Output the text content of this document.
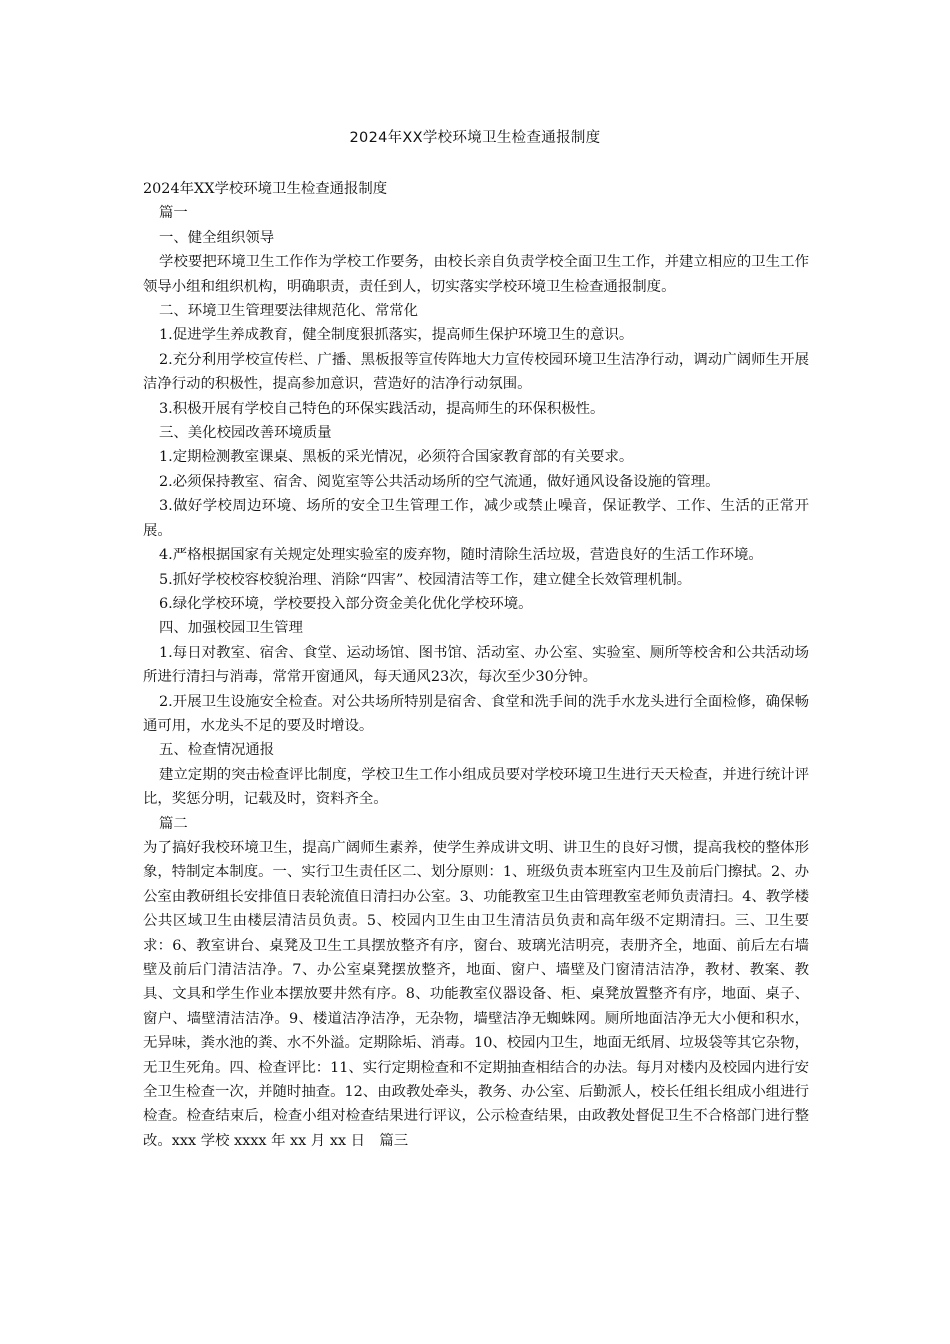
2024年XX学校环境卫生检查通报制度

2024年XX学校环境卫生检查通报制度

篇一

一、健全组织领导

学校要把环境卫生工作作为学校工作要务，由校长亲自负责学校全面卫生工作，并建立相应的卫生工作领导小组和组织机构，明确职责，责任到人，切实落实学校环境卫生检查通报制度。

二、环境卫生管理要法律规范化、常常化

1.促进学生养成教育，健全制度狠抓落实，提高师生保护环境卫生的意识。

2.充分利用学校宣传栏、广播、黑板报等宣传阵地大力宣传校园环境卫生洁净行动，调动广阔师生开展洁净行动的积极性，提高参加意识，营造好的洁净行动氛围。

3.积极开展有学校自己特色的环保实践活动，提高师生的环保积极性。

三、美化校园改善环境质量

1.定期检测教室课桌、黑板的采光情况，必须符合国家教育部的有关要求。

2.必须保持教室、宿舍、阅览室等公共活动场所的空气流通，做好通风设备设施的管理。

3.做好学校周边环境、场所的安全卫生管理工作，减少或禁止噪音，保证教学、工作、生活的正常开展。

4.严格根据国家有关规定处理实验室的废弃物，随时清除生活垃圾，营造良好的生活工作环境。

5.抓好学校校容校貌治理、消除“四害”、校园清洁等工作，建立健全长效管理机制。

6.绿化学校环境，学校要投入部分资金美化优化学校环境。

四、加强校园卫生管理

1.每日对教室、宿舍、食堂、运动场馆、图书馆、活动室、办公室、实验室、厕所等校舍和公共活动场所进行清扫与消毒，常常开窗通风，每天通风23次，每次至少30分钟。

2.开展卫生设施安全检查。对公共场所特别是宿舍、食堂和洗手间的洗手水龙头进行全面检修，确保畅通可用，水龙头不足的要及时增设。

五、检查情况通报

建立定期的突击检查评比制度，学校卫生工作小组成员要对学校环境卫生进行天天检查，并进行统计评比，奖惩分明，记载及时，资料齐全。

篇二

为了搞好我校环境卫生，提高广阔师生素养，使学生养成讲文明、讲卫生的良好习惯，提高我校的整体形象，特制定本制度。一、实行卫生责任区二、划分原则：1、班级负责本班室内卫生及前后门擦拭。2、办公室由教研组长安排值日表轮流值日清扫办公室。3、功能教室卫生由管理教室老师负责清扫。4、教学楼公共区域卫生由楼层清洁员负责。5、校园内卫生由卫生清洁员负责和高年级不定期清扫。三、卫生要求：6、教室讲台、桌凳及卫生工具摆放整齐有序，窗台、玻璃光洁明亮，表册齐全，地面、前后左右墙壁及前后门清洁洁净。7、办公室桌凳摆放整齐，地面、窗户、墙壁及门窗清洁洁净，教材、教案、教具、文具和学生作业本摆放要井然有序。8、功能教室仪器设备、柜、桌凳放置整齐有序，地面、桌子、窗户、墙壁清洁洁净。9、楼道洁净洁净，无杂物，墙壁洁净无蜘蛛网。厕所地面洁净无大小便和积水，无异味，粪水池的粪、水不外溢。定期除垢、消毒。10、校园内卫生，地面无纸屑、垃圾袋等其它杂物，无卫生死角。四、检查评比：11、实行定期检查和不定期抽查相结合的办法。每月对楼内及校园内进行安全卫生检查一次，并随时抽查。12、由政教处牵头，教务、办公室、后勤派人，校长任组长组成小组进行检查。检查结束后，检查小组对检查结果进行评议，公示检查结果，由政教处督促卫生不合格部门进行整改。xxx 学校 xxxx 年 xx 月 xx 日　篇三
